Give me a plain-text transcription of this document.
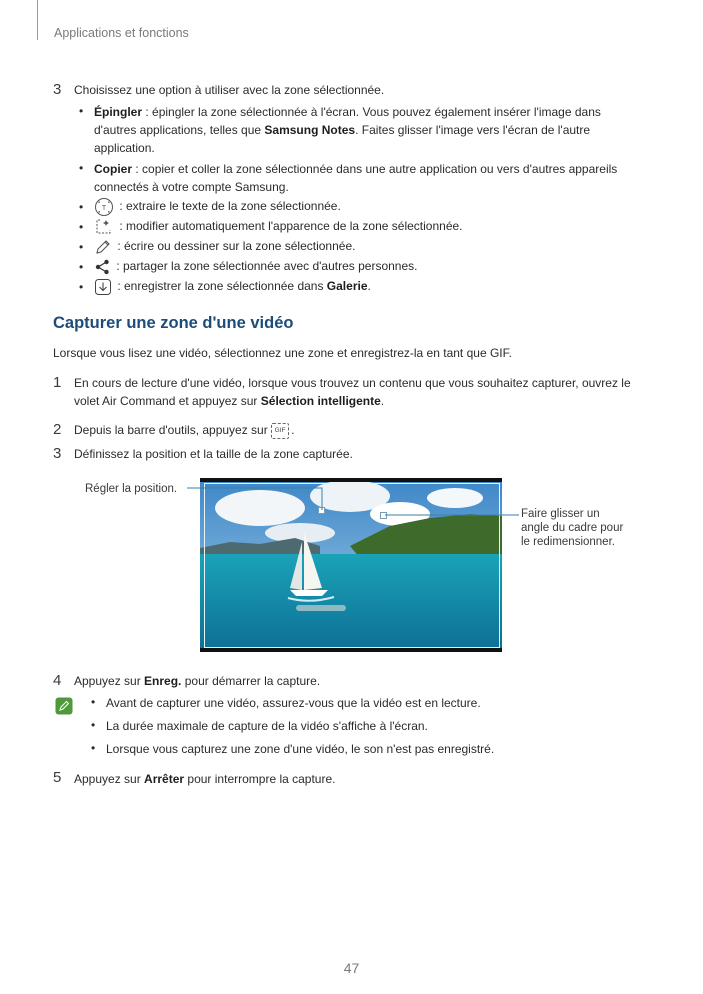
Applications et fonctions
3 Choisissez une option à utiliser avec la zone sélectionnée.
• Épingler : épingler la zone sélectionnée à l'écran. Vous pouvez également insérer l'image dans
d'autres applications, telles que Samsung Notes. Faites glisser l'image vers l'écran de l'autre
application.
• Copier : copier et coller la zone sélectionnée dans une autre application ou vers d'autres appareils
connectés à votre compte Samsung.
•	T : extraire le texte de la zone sélectionnée.
•	: modifier automatiquement l'apparence de la zone sélectionnée.
•	: écrire ou dessiner sur la zone sélectionnée.
•	: partager la zone sélectionnée avec d'autres personnes.
•	: enregistrer la zone sélectionnée dans Galerie.
Capturer une zone d'une vidéo
Lorsque vous lisez une vidéo, sélectionnez une zone et enregistrez-la en tant que GIF.
1 En cours de lecture d'une vidéo, lorsque vous trouvez un contenu que vous souhaitez capturer, ouvrez le
volet Air Command et appuyez sur Sélection intelligente.
2 Depuis la barre d'outils, appuyez sur GIF .
3 Définissez la position et la taille de la zone capturée.
Régler la position.
Faire glisser un
angle du cadre pour
le redimensionner.
4 Appuyez sur Enreg. pour démarrer la capture.
• Avant de capturer une vidéo, assurez-vous que la vidéo est en lecture.
• La durée maximale de capture de la vidéo s'affiche à l'écran.
• Lorsque vous capturez une zone d'une vidéo, le son n'est pas enregistré.
5 Appuyez sur Arrêter pour interrompre la capture.
47
